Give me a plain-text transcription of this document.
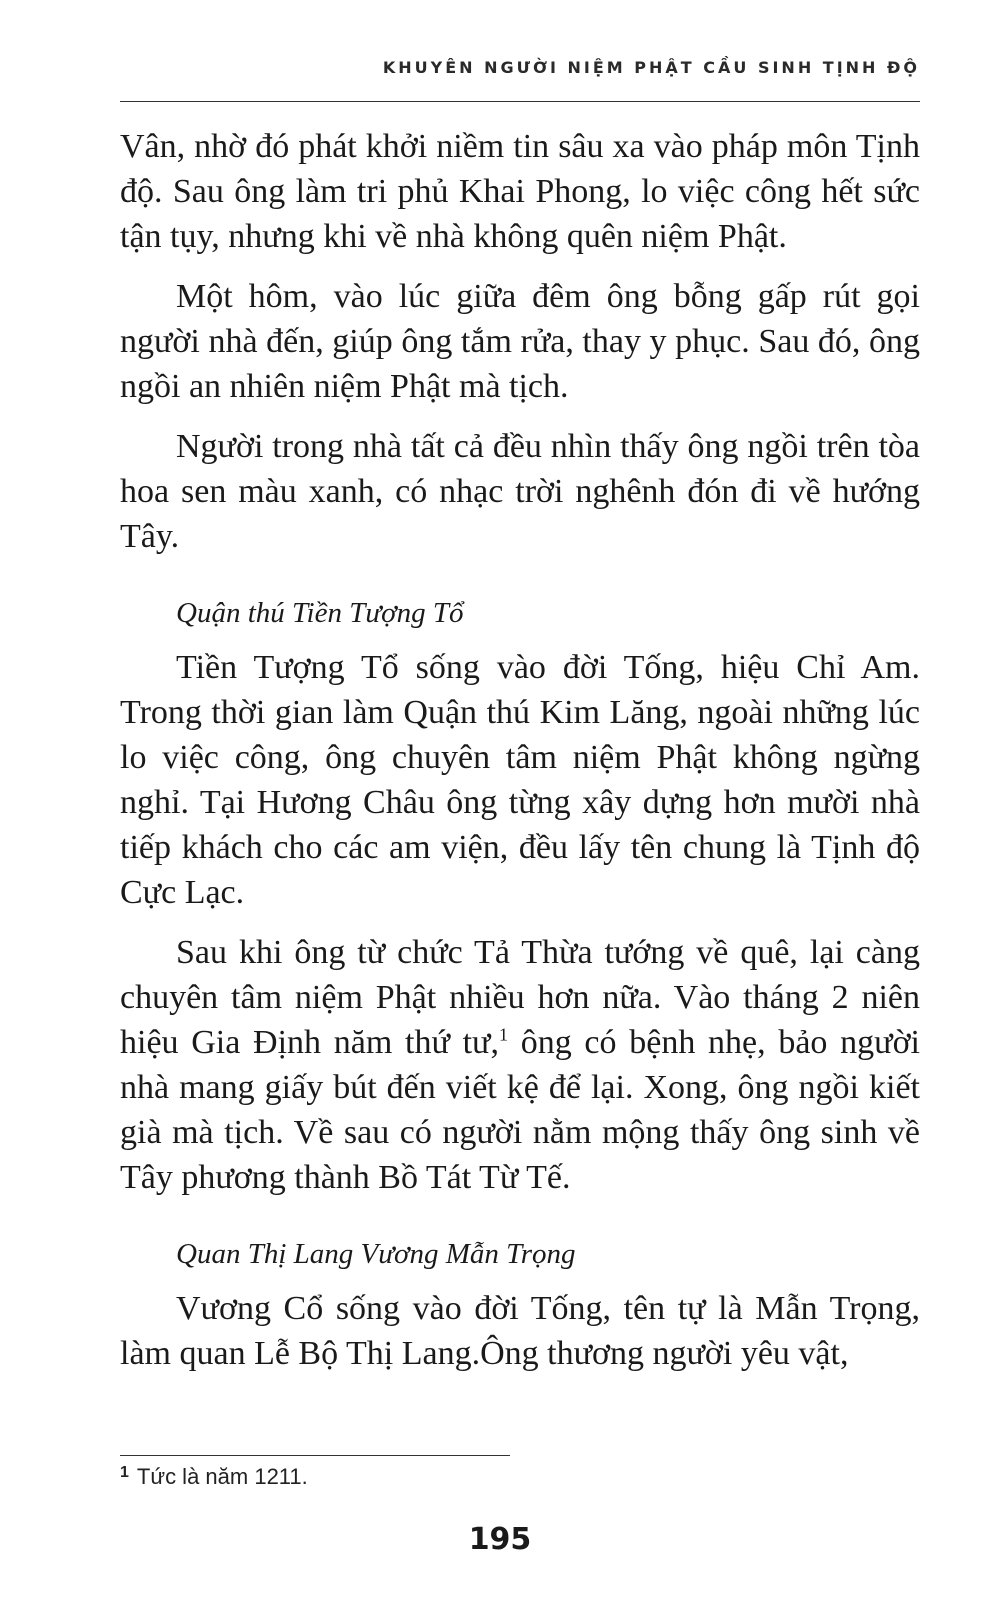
KHUYÊN NGƯỜI NIỆM PHẬT CẦU SINH TỊNH ĐỘ

Vân, nhờ đó phát khởi niềm tin sâu xa vào pháp môn Tịnh độ. Sau ông làm tri phủ Khai Phong, lo việc công hết sức tận tụy, nhưng khi về nhà không quên niệm Phật.

Một hôm, vào lúc giữa đêm ông bỗng gấp rút gọi người nhà đến, giúp ông tắm rửa, thay y phục. Sau đó, ông ngồi an nhiên niệm Phật mà tịch.

Người trong nhà tất cả đều nhìn thấy ông ngồi trên tòa hoa sen màu xanh, có nhạc trời nghênh đón đi về hướng Tây.

Quận thú Tiền Tượng Tổ

Tiền Tượng Tổ sống vào đời Tống, hiệu Chỉ Am. Trong thời gian làm Quận thú Kim Lăng, ngoài những lúc lo việc công, ông chuyên tâm niệm Phật không ngừng nghỉ. Tại Hương Châu ông từng xây dựng hơn mười nhà tiếp khách cho các am viện, đều lấy tên chung là Tịnh độ Cực Lạc.

Sau khi ông từ chức Tả Thừa tướng về quê, lại càng chuyên tâm niệm Phật nhiều hơn nữa. Vào tháng 2 niên hiệu Gia Định năm thứ tư,$^1$ ông có bệnh nhẹ, bảo người nhà mang giấy bút đến viết kệ để lại. Xong, ông ngồi kiết già mà tịch. Về sau có người nằm mộng thấy ông sinh về Tây phương thành Bồ Tát Từ Tế.

Quan Thị Lang Vương Mẫn Trọng

Vương Cổ sống vào đời Tống, tên tự là Mẫn Trọng, làm quan Lễ Bộ Thị Lang.Ông thương người yêu vật,

$^1$ Tức là năm 1211.
195
